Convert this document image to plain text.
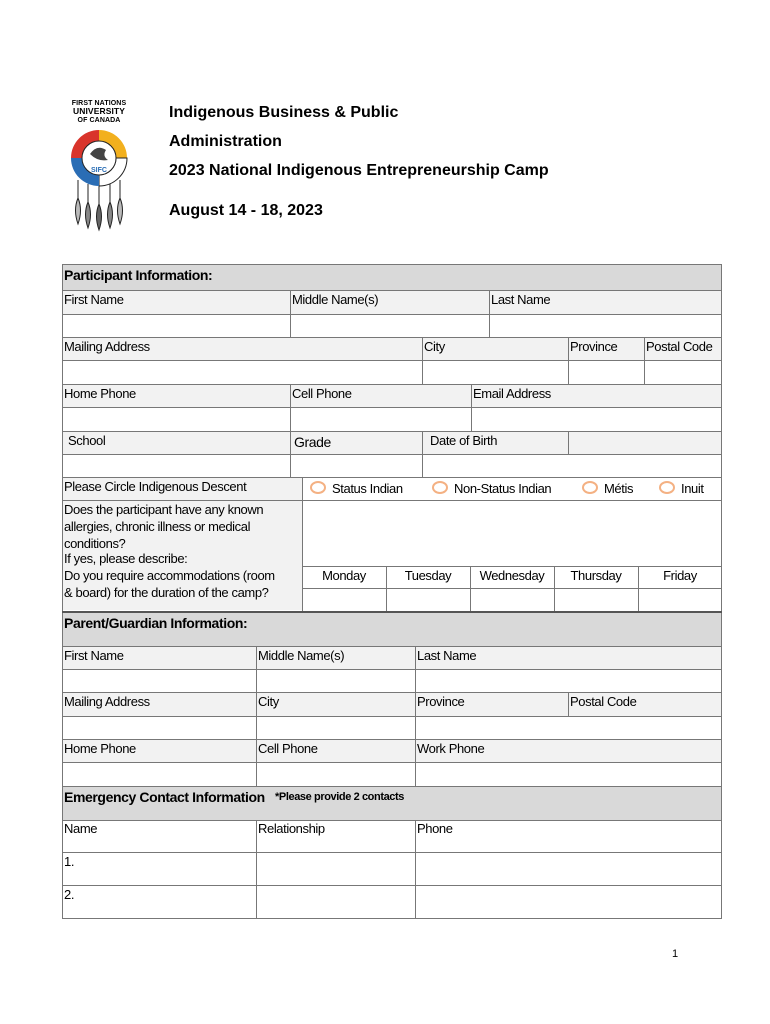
FIRST NATIONS
UNIVERSITY
OF CANADA
SIFC
Indigenous Business & Public
Administration
2023 National Indigenous Entrepreneurship Camp
August 14 - 18, 2023
Participant Information:
First Name	Middle Name(s)	Last Name
Mailing Address	City	Province	Postal Code
Home Phone	Cell Phone	Email Address
School	Grade	Date of Birth
Please Circle Indigenous Descent	Status Indian	Non-Status Indian	Métis	Inuit
Does the participant have any known
allergies, chronic illness or medical
conditions?
If yes, please describe:
Do you require accommodations (room
& board) for the duration of the camp?
Monday	Tuesday	Wednesday	Thursday	Friday
Parent/Guardian Information:
First Name	Middle Name(s)	Last Name
Mailing Address	City	Province	Postal Code
Home Phone	Cell Phone	Work Phone
Emergency Contact Information *Please provide 2 contacts
Name	Relationship	Phone
1.
2.
1
